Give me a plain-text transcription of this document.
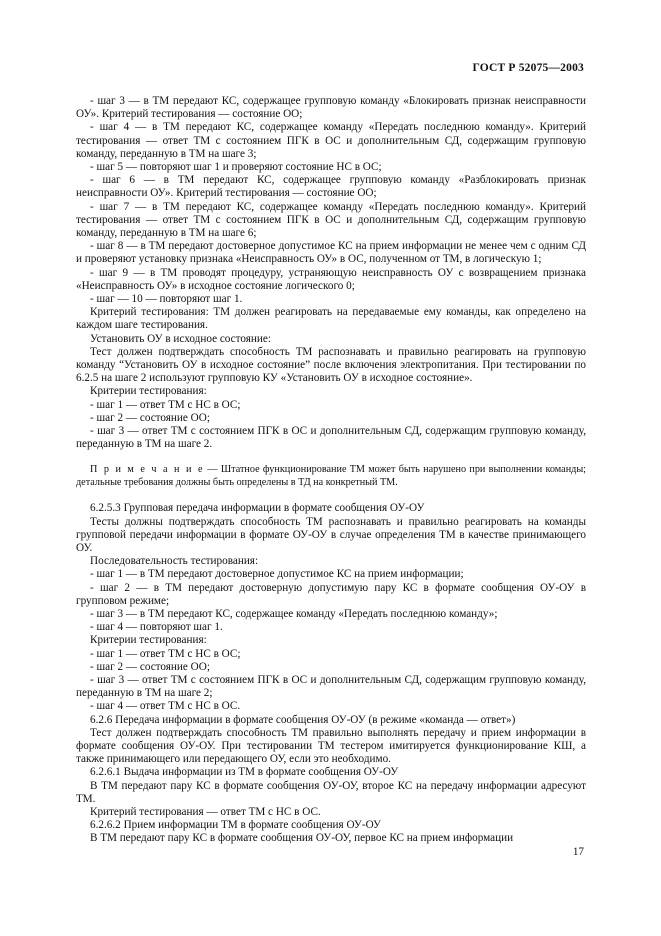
ГОСТ Р 52075—2003

- шаг 3 — в ТМ передают КС, содержащее групповую команду «Блокировать признак неисправности ОУ». Критерий тестирования — состояние ОО;

- шаг 4 — в ТМ передают КС, содержащее команду «Передать последнюю команду». Критерий тестирования — ответ ТМ с состоянием ПГК в ОС и дополнительным СД, содержащим групповую команду, переданную в ТМ на шаге 3;

- шаг 5 — повторяют шаг 1 и проверяют состояние НС в ОС;

- шаг 6 — в ТМ передают КС, содержащее групповую команду «Разблокировать признак неисправности ОУ». Критерий тестирования — состояние ОО;

- шаг 7 — в ТМ передают КС, содержащее команду «Передать последнюю команду». Критерий тестирования — ответ ТМ с состоянием ПГК в ОС и дополнительным СД, содержащим групповую команду, переданную в ТМ на шаге 6;

- шаг 8 — в ТМ передают достоверное допустимое КС на прием информации не менее чем с одним СД и проверяют установку признака «Неисправность ОУ» в ОС, полученном от ТМ, в логическую 1;

- шаг 9 — в ТМ проводят процедуру, устраняющую неисправность ОУ с возвращением признака «Неисправность ОУ» в исходное состояние логического 0;

- шаг — 10 — повторяют шаг 1.

Критерий тестирования: ТМ должен реагировать на передаваемые ему команды, как определено на каждом шаге тестирования.

Установить ОУ в исходное состояние:

Тест должен подтверждать способность ТМ распознавать и правильно реагировать на групповую команду “Установить ОУ в исходное состояние” после включения электропитания. При тестировании по 6.2.5 на шаге 2 используют групповую КУ «Установить ОУ в исходное состояние».

Критерии тестирования:

- шаг 1 — ответ ТМ с НС в ОС;

- шаг 2 — состояние ОО;

- шаг 3 — ответ ТМ с состоянием ПГК в ОС и дополнительным СД, содержащим групповую команду, переданную в ТМ на шаге 2.

П р и м е ч а н и е — Штатное функционирование ТМ может быть нарушено при выполнении команды; детальные требования должны быть определены в ТД на конкретный ТМ.

6.2.5.3 Групповая передача информации в формате сообщения ОУ-ОУ

Тесты должны подтверждать способность ТМ распознавать и правильно реагировать на команды групповой передачи информации в формате ОУ-ОУ в случае определения ТМ в качестве принимающего ОУ.

Последовательность тестирования:

- шаг 1 — в ТМ передают достоверное допустимое КС на прием информации;

- шаг 2 — в ТМ передают достоверную допустимую пару КС в формате сообщения ОУ-ОУ в групповом режиме;

- шаг 3 — в ТМ передают КС, содержащее команду «Передать последнюю команду»;

- шаг 4 — повторяют шаг 1.

Критерии тестирования:

- шаг 1 — ответ ТМ с НС в ОС;

- шаг 2 — состояние ОО;

- шаг 3 — ответ ТМ с состоянием ПГК в ОС и дополнительным СД, содержащим групповую команду, переданную в ТМ на шаге 2;

- шаг 4 — ответ ТМ с НС в ОС.

6.2.6 Передача информации в формате сообщения ОУ-ОУ (в режиме «команда — ответ»)

Тест должен подтверждать способность ТМ правильно выполнять передачу и прием информации в формате сообщения ОУ-ОУ. При тестировании ТМ тестером имитируется функционирование КШ, а также принимающего или передающего ОУ, если это необходимо.

6.2.6.1 Выдача информации из ТМ в формате сообщения ОУ-ОУ

В ТМ передают пару КС в формате сообщения ОУ-ОУ, второе КС на передачу информации адресуют ТМ.

Критерий тестирования — ответ ТМ с НС в ОС.

6.2.6.2 Прием информации ТМ в формате сообщения ОУ-ОУ

В ТМ передают пару КС в формате сообщения ОУ-ОУ, первое КС на прием информации

17
